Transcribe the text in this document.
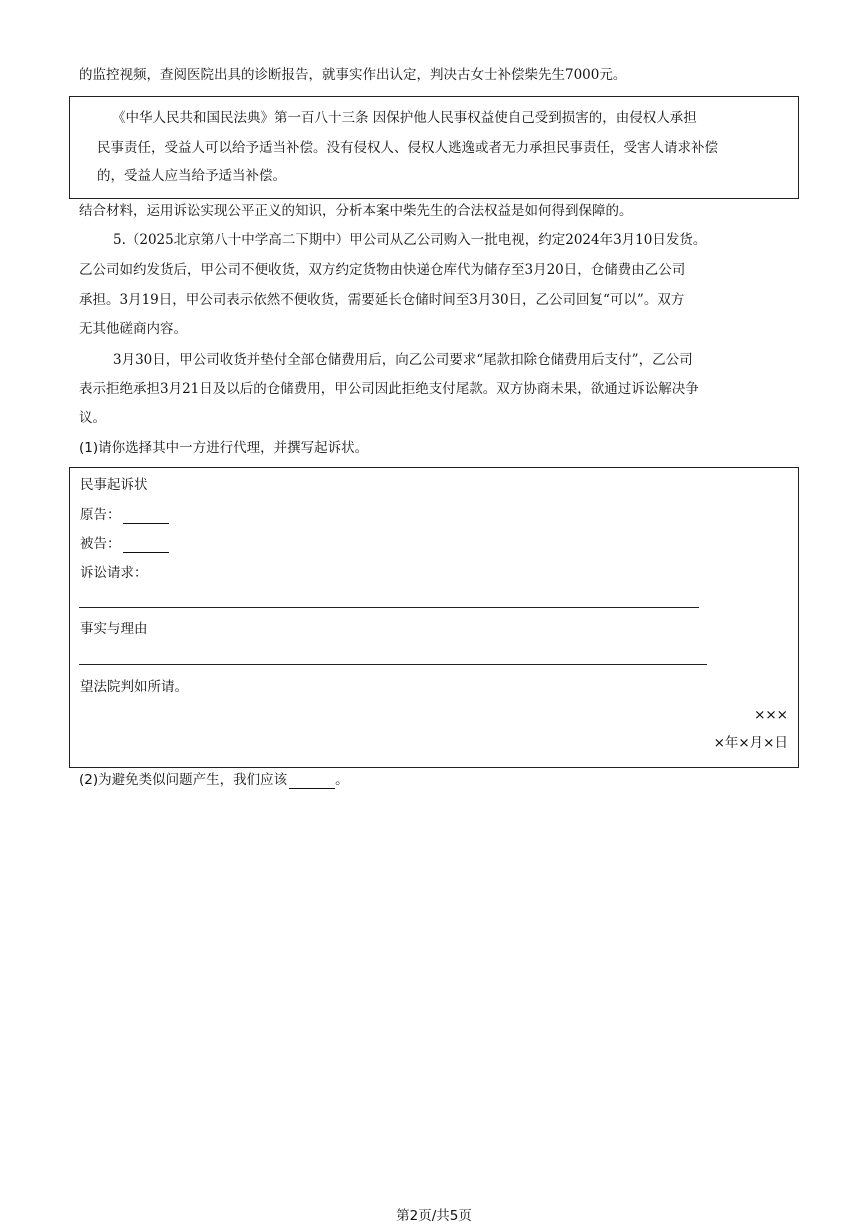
的监控视频，查阅医院出具的诊断报告，就事实作出认定，判决古女士补偿柴先生7000元。
《中华人民共和国民法典》第一百八十三条 因保护他人民事权益使自己受到损害的，由侵权人承担
民事责任，受益人可以给予适当补偿。没有侵权人、侵权人逃逸或者无力承担民事责任，受害人请求补偿
的，受益人应当给予适当补偿。
结合材料，运用诉讼实现公平正义的知识，分析本案中柴先生的合法权益是如何得到保障的。
5.（2025北京第八十中学高二下期中）甲公司从乙公司购入一批电视，约定2024年3月10日发货。
乙公司如约发货后，甲公司不便收货，双方约定货物由快递仓库代为储存至3月20日，仓储费由乙公司
承担。3月19日，甲公司表示依然不便收货，需要延长仓储时间至3月30日，乙公司回复“可以”。双方
无其他磋商内容。
3月30日，甲公司收货并垫付全部仓储费用后，向乙公司要求“尾款扣除仓储费用后支付”，乙公司
表示拒绝承担3月21日及以后的仓储费用，甲公司因此拒绝支付尾款。双方协商未果，欲通过诉讼解决争
议。
(1)请你选择其中一方进行代理，并撰写起诉状。
民事起诉状
原告：
被告：
诉讼请求：
事实与理由
望法院判如所请。
×××
×年×月×日
(2)为避免类似问题产生，我们应该	。
第2页/共5页
